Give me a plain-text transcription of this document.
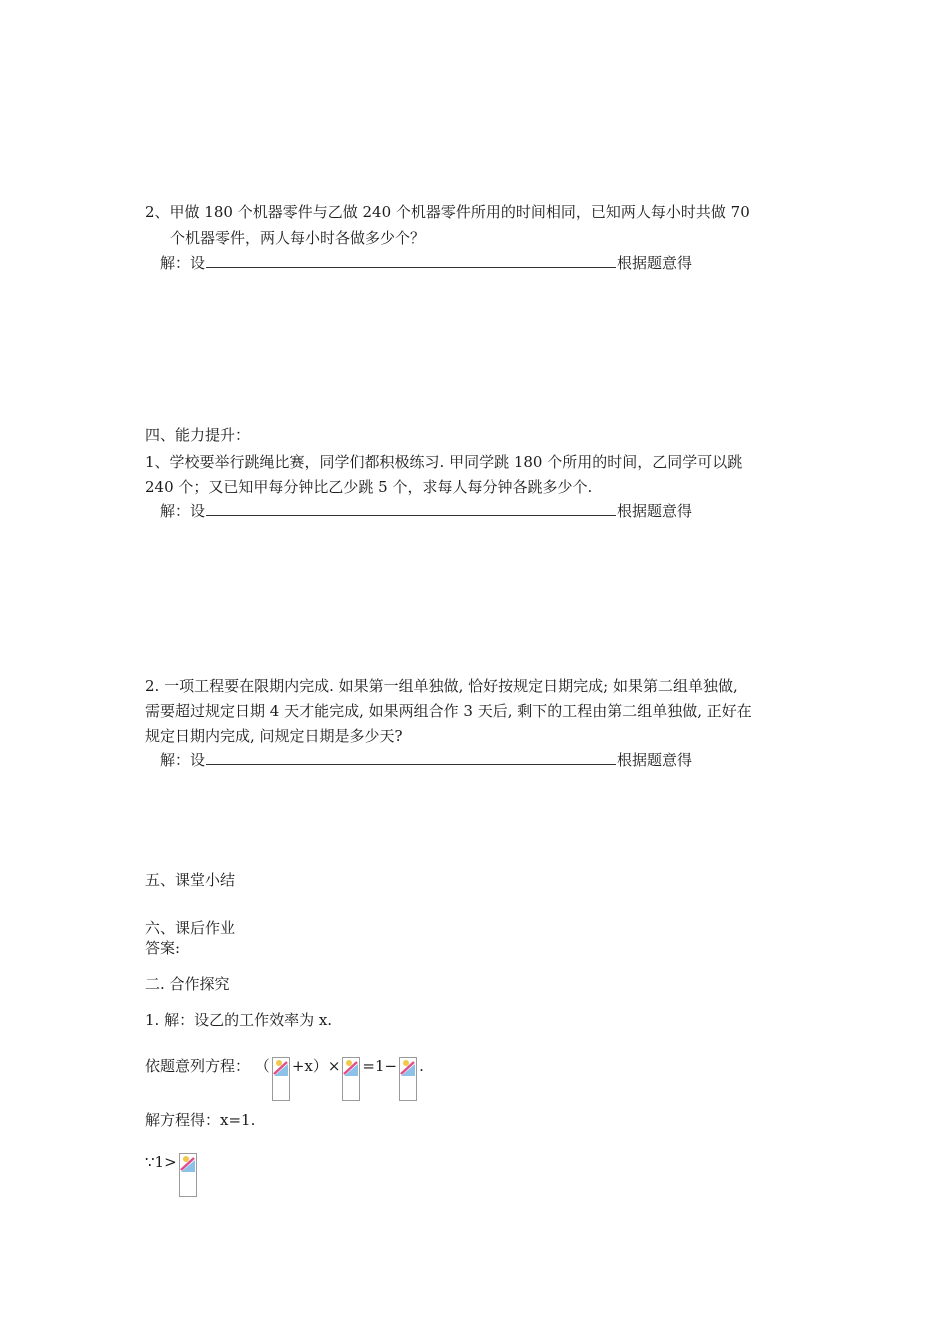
2、甲做 180 个机器零件与乙做 240 个机器零件所用的时间相同，已知两人每小时共做 70

个机器零件，两人每小时各做多少个？

解：设	根据题意得

四、能力提升：

1、学校要举行跳绳比赛，同学们都积极练习. 甲同学跳 180 个所用的时间，乙同学可以跳

240 个；又已知甲每分钟比乙少跳 5 个，求每人每分钟各跳多少个.

解：设	根据题意得

2. 一项工程要在限期内完成. 如果第一组单独做, 恰好按规定日期完成; 如果第二组单独做,

需要超过规定日期 4 天才能完成, 如果两组合作 3 天后, 剩下的工程由第二组单独做, 正好在

规定日期内完成, 问规定日期是多少天?

解：设	根据题意得

五、课堂小结

六、课后作业

答案:

二. 合作探究

1. 解：设乙的工作效率为 x.

依题意列方程： （ +x）× =1− .

解方程得：x=1.

∵1>
